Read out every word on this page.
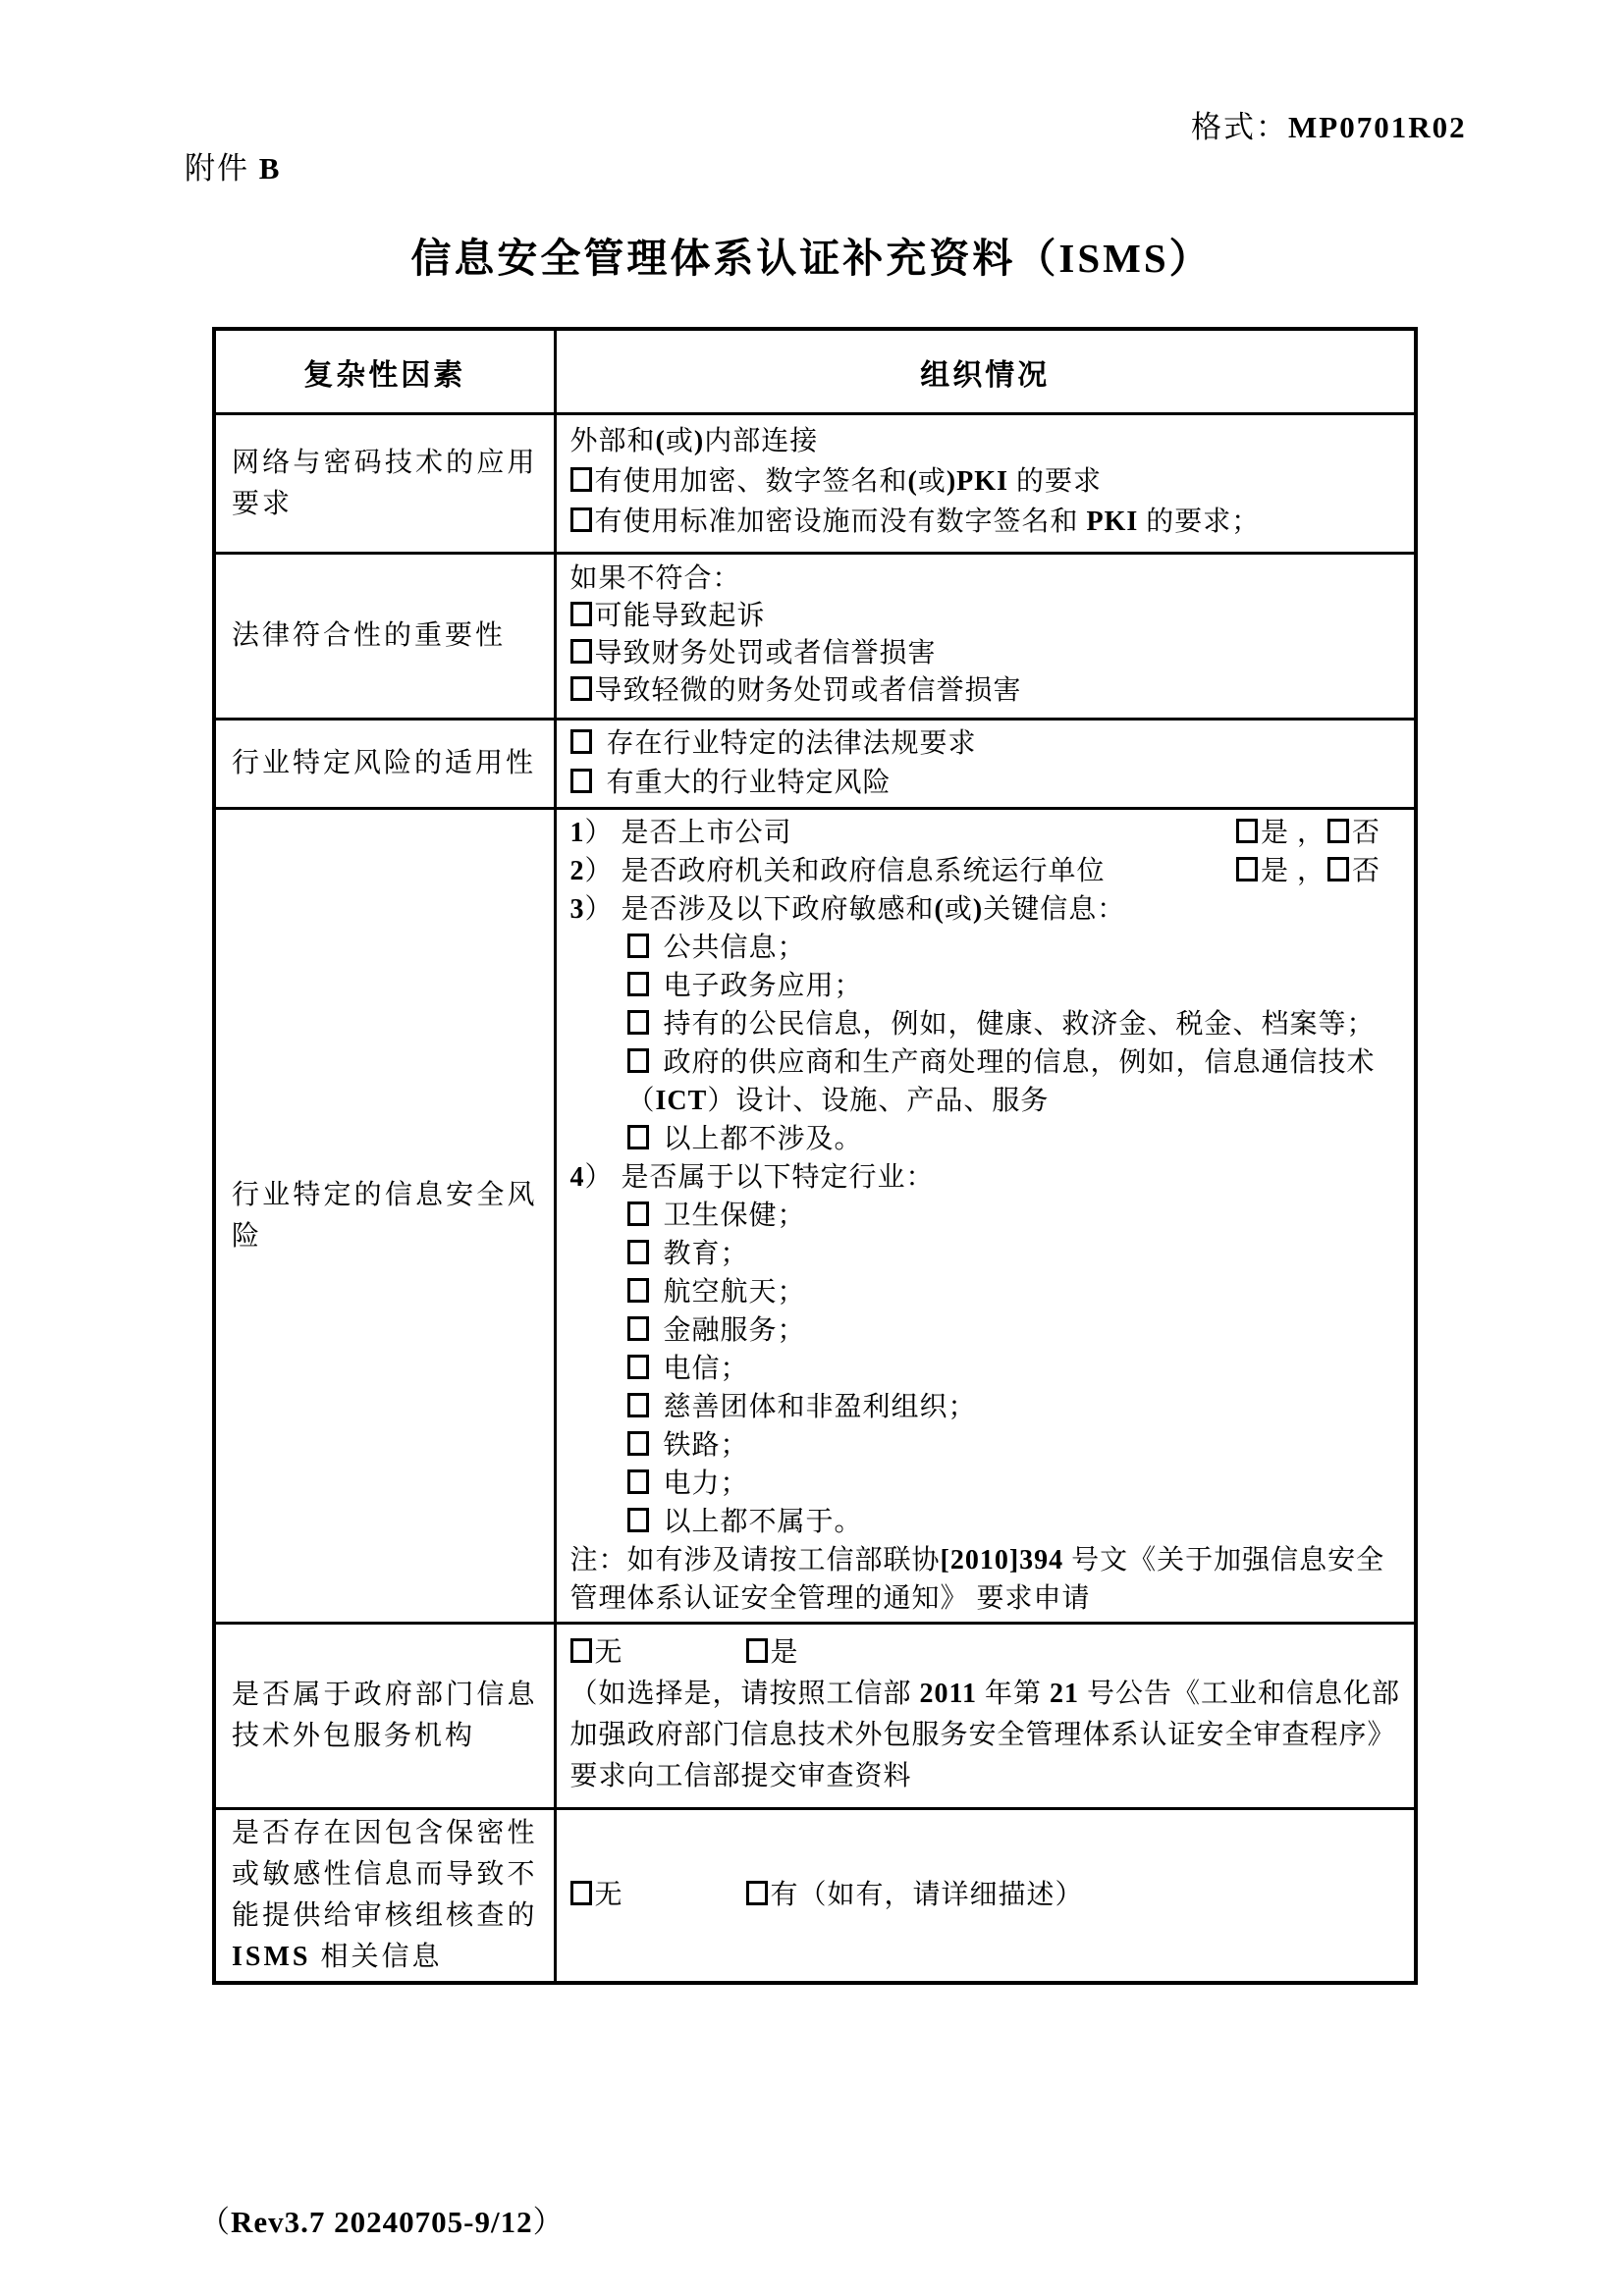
格式：MP0701R02
附件 B
信息安全管理体系认证补充资料（ISMS）
复杂性因素	组织情况
网络与密码技术的应用要求	外部和(或)内部连接
有使用加密、数字签名和(或)PKI 的要求
有使用标准加密设施而没有数字签名和 PKI 的要求；

法律符合性的重要性	如果不符合：
可能导致起诉
导致财务处罚或者信誉损害
导致轻微的财务处罚或者信誉损害

行业特定风险的适用性	存在行业特定的法律法规要求
有重大的行业特定风险

行业特定的信息安全风险	
1） 是否上市公司	是 ， 否
2） 是否政府机关和政府信息系统运行单位	是 ， 否
3） 是否涉及以下政府敏感和(或)关键信息：
公共信息；
电子政务应用；
持有的公民信息，例如，健康、救济金、税金、档案等；
政府的供应商和生产商处理的信息，例如，信息通信技术
（ICT）设计、设施、产品、服务
以上都不涉及。
4） 是否属于以下特定行业：
卫生保健；
教育；
航空航天；
金融服务；
电信；
慈善团体和非盈利组织；
铁路；
电力；
以上都不属于。
注：如有涉及请按工信部联协[2010]394 号文《关于加强信息安全
管理体系认证安全管理的通知》 要求申请

是否属于政府部门信息技术外包服务机构	无 是
（如选择是，请按照工信部 2011 年第 21 号公告《工业和信息化部
加强政府部门信息技术外包服务安全管理体系认证安全审查程序》
要求向工信部提交审查资料

是否存在因包含保密性或敏感性信息而导致不能提供给审核组核查的 ISMS 相关信息	无 有（如有，请详细描述）
（Rev3.7 20240705-9/12）
